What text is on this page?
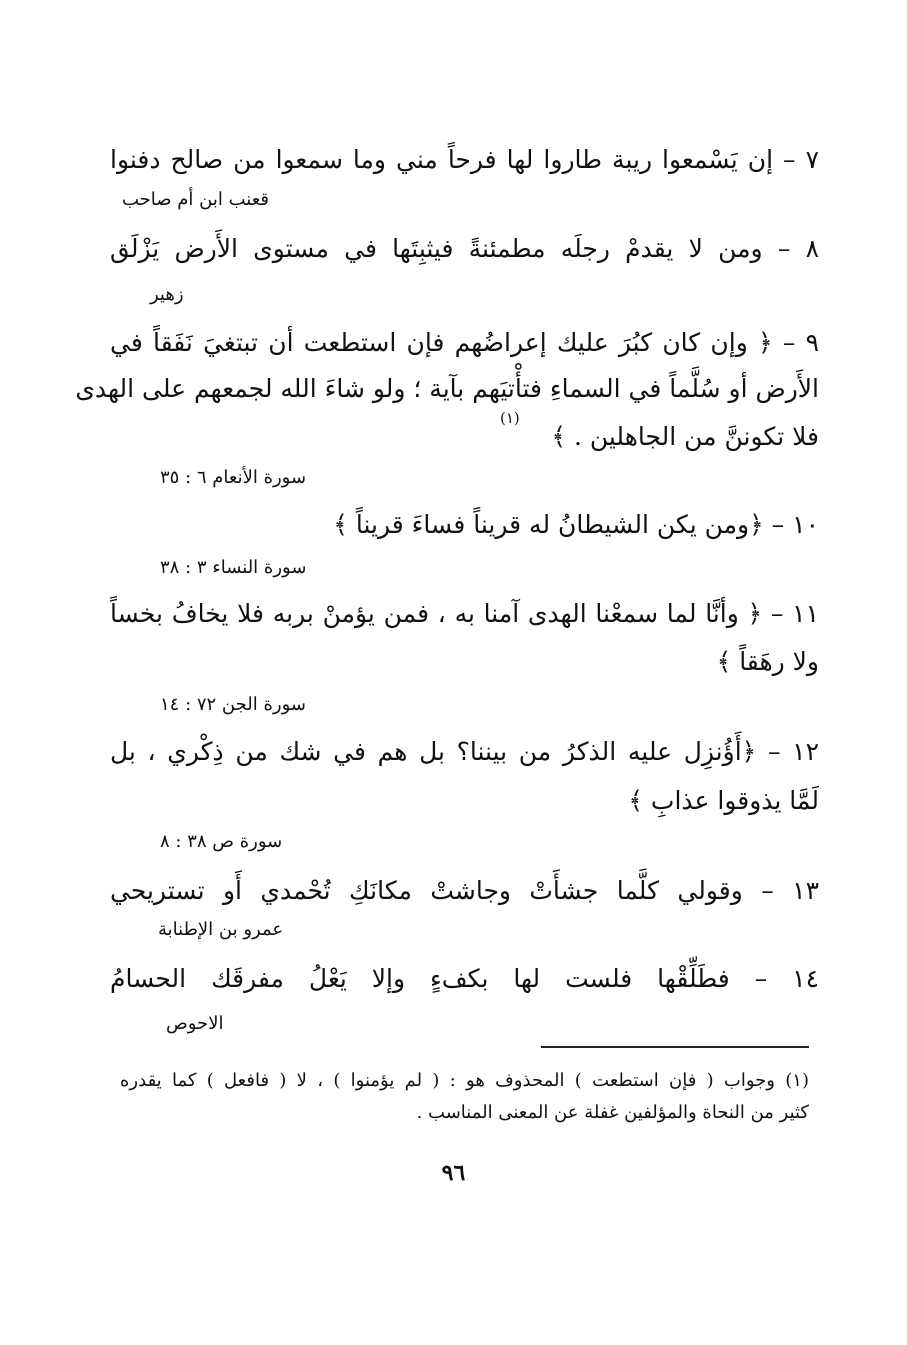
٧ – إن يَسْمعوا ريبة طاروا لها فرحاً مني وما سمعوا من صالح دفنوا
قعنب ابن أم صاحب
٨ – ومن لا يقدمْ رجلَه مطمئنةً فيثبِتَها في مستوى الأَرض يَزْلَق
زهير
٩ – ﴿ وإن كان كبُرَ عليك إعراضُهم فإن استطعت أن تبتغيَ نَفَقاً في
الأَرض أو سُلَّماً في السماءِ فتأْتيَهم بآية ؛ ولو شاءَ الله لجمعهم على الهدى
فلا تكوننَّ من الجاهلين . ﴾
(١)
سورة الأنعام ٦ : ٣٥
١٠ – ﴿ومن يكن الشيطانُ له قريناً فساءَ قريناً ﴾
سورة النساء ٣ : ٣٨
١١ – ﴿ وأنَّا لما سمعْنا الهدى آمنا به ، فمن يؤمنْ بربه فلا يخافُ بخساً
ولا رهَقاً ﴾
سورة الجن ٧٢ : ١٤
١٢ – ﴿أَؤُنزِل عليه الذكرُ من بيننا؟ بل هم في شك من ذِكْري ، بل
لَمَّا يذوقوا عذابِ ﴾
سورة ص ٣٨ : ٨
١٣ – وقولي كلَّما جشأَتْ وجاشتْ مكانَكِ تُحْمدي أَو تستريحي
عمرو بن الإطنابة
١٤ – فطَلِّقْها فلست لها بكفءٍ وإلا يَعْلُ مفرقَك الحسامُ
الاحوص
(١) وجواب ( فإن استطعت ) المحذوف هو : ( لم يؤمنوا ) ، لا ( فافعل ) كما يقدره
كثير من النحاة والمؤلفين غفلة عن المعنى المناسب .
٩٦
